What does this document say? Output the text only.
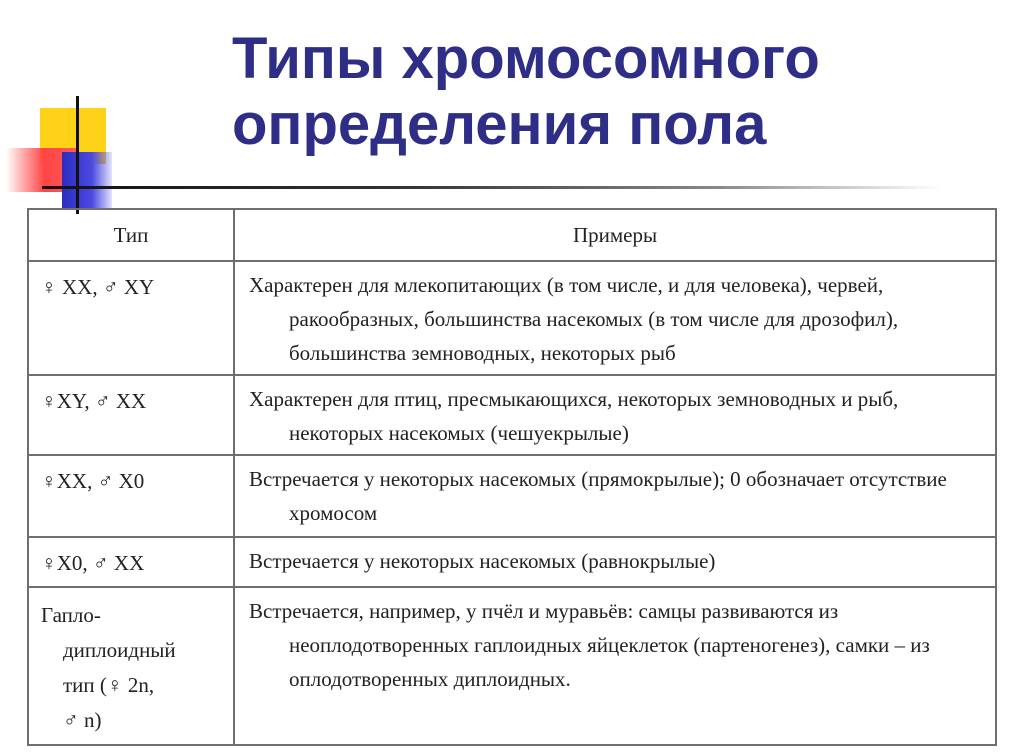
Типы хромосомного
определения пола
Тип	Примеры
♀ XX, ♂ XY	Характерен для млекопитающих (в том числе, и для человека), червей, ракообразных, большинства насекомых (в том числе для дрозофил), большинства земноводных, некоторых рыб

♀XY, ♂ XX	Характерен для птиц, пресмыкающихся, некоторых земноводных и рыб, некоторых насекомых (чешуекрылые)

♀XX, ♂ X0	Встречается у некоторых насекомых (прямокрылые); 0 обозначает отсутствие хромосом

♀X0, ♂ XX	Встречается у некоторых насекомых (равнокрылые)

Гапло-
диплоидный
тип (♀ 2n,
♂ n)	Встречается, например, у пчёл и муравьёв: самцы развиваются из неоплодотворенных гаплоидных яйцеклеток (партеногенез), самки – из оплодотворенных диплоидных.
